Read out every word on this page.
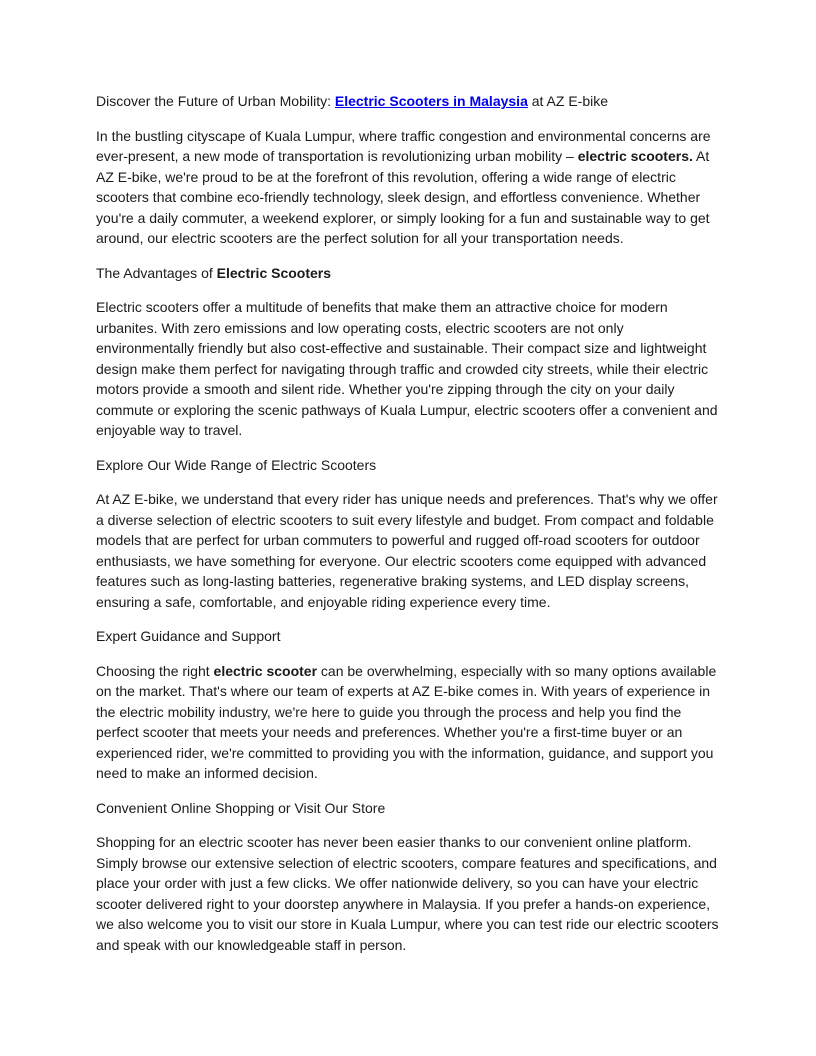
Discover the Future of Urban Mobility: Electric Scooters in Malaysia at AZ E-bike

In the bustling cityscape of Kuala Lumpur, where traffic congestion and environmental concerns are ever-present, a new mode of transportation is revolutionizing urban mobility – electric scooters. At AZ E-bike, we're proud to be at the forefront of this revolution, offering a wide range of electric scooters that combine eco-friendly technology, sleek design, and effortless convenience. Whether you're a daily commuter, a weekend explorer, or simply looking for a fun and sustainable way to get around, our electric scooters are the perfect solution for all your transportation needs.

The Advantages of Electric Scooters

Electric scooters offer a multitude of benefits that make them an attractive choice for modern urbanites. With zero emissions and low operating costs, electric scooters are not only environmentally friendly but also cost-effective and sustainable. Their compact size and lightweight design make them perfect for navigating through traffic and crowded city streets, while their electric motors provide a smooth and silent ride. Whether you're zipping through the city on your daily commute or exploring the scenic pathways of Kuala Lumpur, electric scooters offer a convenient and enjoyable way to travel.

Explore Our Wide Range of Electric Scooters

At AZ E-bike, we understand that every rider has unique needs and preferences. That's why we offer a diverse selection of electric scooters to suit every lifestyle and budget. From compact and foldable models that are perfect for urban commuters to powerful and rugged off-road scooters for outdoor enthusiasts, we have something for everyone. Our electric scooters come equipped with advanced features such as long-lasting batteries, regenerative braking systems, and LED display screens, ensuring a safe, comfortable, and enjoyable riding experience every time.

Expert Guidance and Support

Choosing the right electric scooter can be overwhelming, especially with so many options available on the market. That's where our team of experts at AZ E-bike comes in. With years of experience in the electric mobility industry, we're here to guide you through the process and help you find the perfect scooter that meets your needs and preferences. Whether you're a first-time buyer or an experienced rider, we're committed to providing you with the information, guidance, and support you need to make an informed decision.

Convenient Online Shopping or Visit Our Store

Shopping for an electric scooter has never been easier thanks to our convenient online platform. Simply browse our extensive selection of electric scooters, compare features and specifications, and place your order with just a few clicks. We offer nationwide delivery, so you can have your electric scooter delivered right to your doorstep anywhere in Malaysia. If you prefer a hands-on experience, we also welcome you to visit our store in Kuala Lumpur, where you can test ride our electric scooters and speak with our knowledgeable staff in person.
